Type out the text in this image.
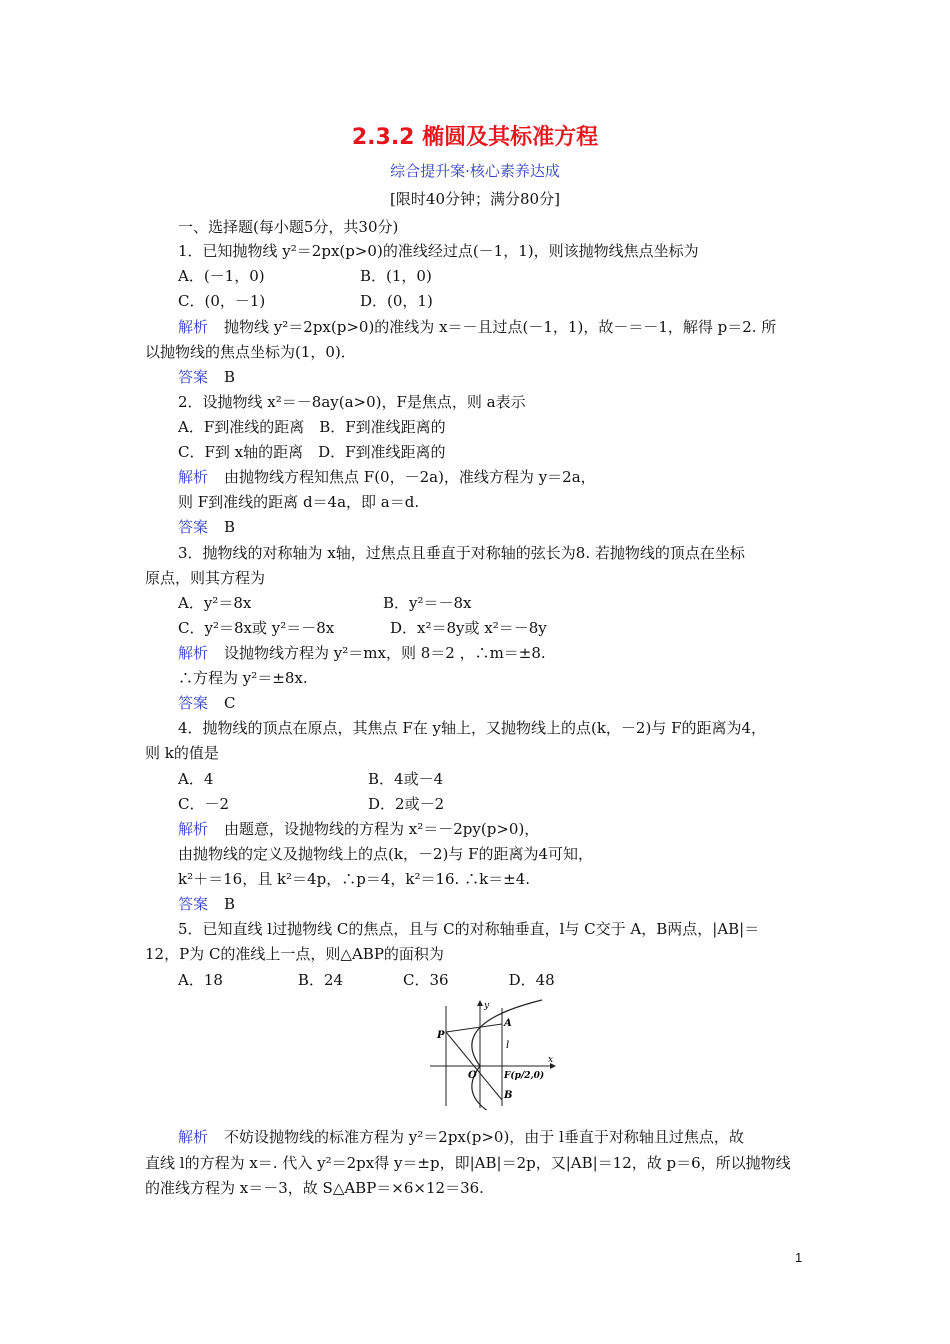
2.3.2 椭圆及其标准方程
综合提升案·核心素养达成
[限时40分钟；满分80分]
一、选择题(每小题5分，共30分)
1．已知抛物线 y²＝2px(p>0)的准线经过点(－1，1)，则该抛物线焦点坐标为
A．(－1，0)	B．(1，0)
C．(0，－1)	D．(0，1)
解析 抛物线 y²＝2px(p>0)的准线为 x＝－且过点(－1，1)，故－＝－1，解得 p＝2. 所
以抛物线的焦点坐标为(1，0)．
答案 B
2．设抛物线 x²＝－8ay(a>0)，F是焦点，则 a表示
A．F到准线的距离　B．F到准线距离的
C．F到 x轴的距离　D．F到准线距离的
解析 由抛物线方程知焦点 F(0，－2a)，准线方程为 y＝2a，
则 F到准线的距离 d＝4a，即 a＝d.
答案 B
3．抛物线的对称轴为 x轴，过焦点且垂直于对称轴的弦长为8. 若抛物线的顶点在坐标
原点，则其方程为
A．y²＝8x	B．y²＝－8x
C．y²＝8x或 y²＝－8x	D．x²＝8y或 x²＝－8y
解析 设抛物线方程为 y²＝mx，则 8＝2 ，∴m＝±8.
∴方程为 y²＝±8x.
答案 C
4．抛物线的顶点在原点，其焦点 F在 y轴上，又抛物线上的点(k，－2)与 F的距离为4，
则 k的值是
A．4	B．4或－4
C．－2	D．2或－2
解析 由题意，设抛物线的方程为 x²＝－2py(p>0)，
由抛物线的定义及抛物线上的点(k，－2)与 F的距离为4可知，
k²＋＝16，且 k²＝4p，∴p＝4，k²＝16. ∴k＝±4.
答案 B
5．已知直线 l过抛物线 C的焦点，且与 C的对称轴垂直，l与 C交于 A，B两点，|AB|＝
12，P为 C的准线上一点，则△ABP的面积为
A．18　　　　　B．24　　　　C．36　　　　D．48
y
x
A
B
P
O
l
F(p/2,0)
解析 不妨设抛物线的标准方程为 y²＝2px(p>0)，由于 l垂直于对称轴且过焦点，故
直线 l的方程为 x＝. 代入 y²＝2px得 y＝±p，即|AB|＝2p，又|AB|＝12，故 p＝6，所以抛物线
的准线方程为 x＝－3，故 S△ABP＝×6×12＝36.
1
